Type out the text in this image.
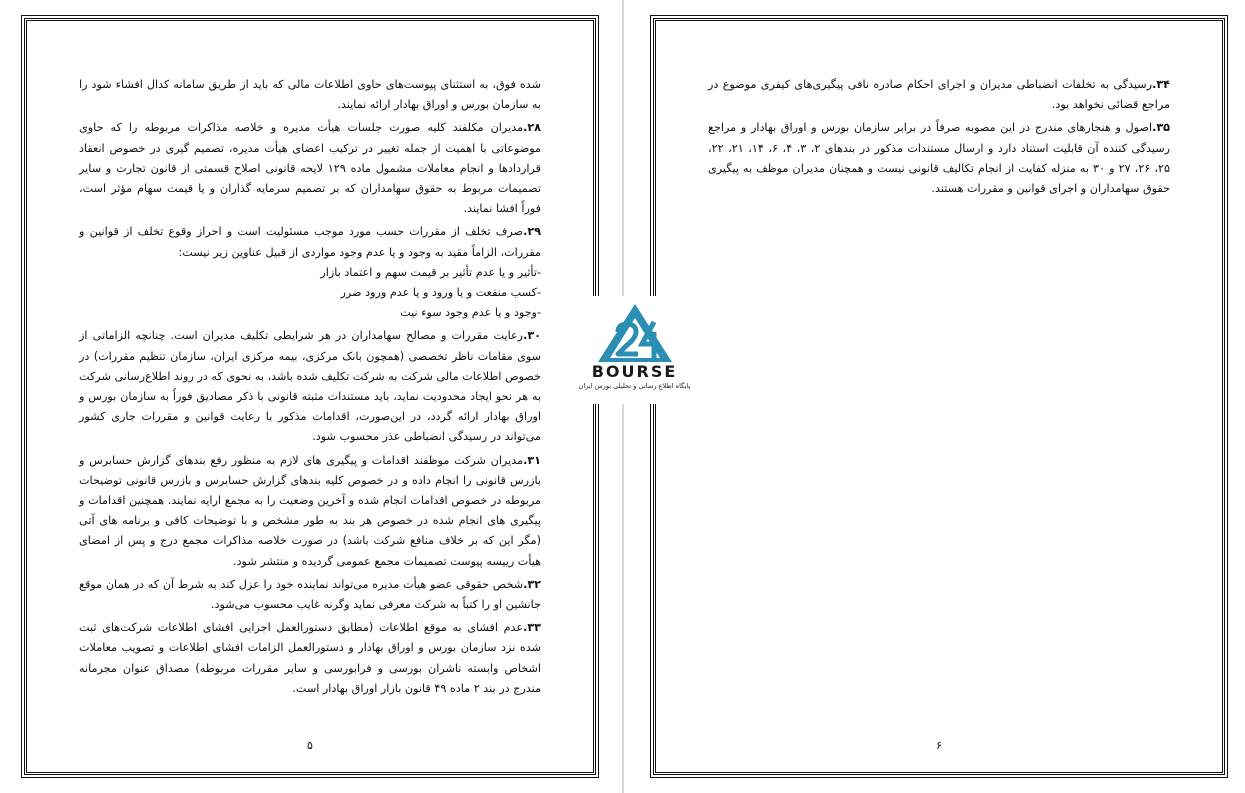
شده فوق، به استثنای پیوست‌های حاوی اطلاعات مالی که باید از طریق سامانه کدال افشاء شود را به سازمان بورس و اوراق بهادار ارائه نمایند.

۲۸.مدیران مکلفند کلیه صورت جلسات هیأت مدیره و خلاصه مذاکرات مربوطه را که حاوی موضوعاتی با اهمیت از جمله تغییر در ترکیب اعضای هیأت مدیره، تصمیم گیری در خصوص انعقاد قراردادها و انجام معاملات مشمول ماده ۱۲۹ لایحه قانونی اصلاح قسمتی از قانون تجارت و سایر تصمیمات مربوط به حقوق سهامداران که بر تصمیم سرمایه گذاران و یا قیمت سهام مؤثر است، فوراً افشا نمایند.
۲۹.صرف تخلف از مقررات حسب مورد موجب مسئولیت است و احراز وقوع تخلف از قوانین و مقررات، الزاماً مقید به وجود و یا عدم وجود مواردی از قبیل عناوین زیر نیست:
-تأثیر و یا عدم تأثیر بر قیمت سهم و اعتماد بازار
-کسب منفعت و یا ورود و یا عدم ورود ضرر
-وجود و یا عدم وجود سوء نیت
۳۰.رعایت مقررات و مصالح سهامداران در هر شرایطی تکلیف مدیران است. چنانچه الزاماتی از سوی مقامات ناظر تخصصی (همچون بانک مرکزی، بیمه مرکزی ایران، سازمان تنظیم مقررات) در خصوص اطلاعات مالی شرکت به شرکت تکلیف شده باشد، به نحوی که در روند اطلاع‌رسانی شرکت به هر نحو ایجاد محدودیت نماید، باید مستندات مثبته قانونی با ذکر مصادیق فوراً به سازمان بورس و اوراق بهادار ارائه گردد، در این‌صورت، اقدامات مذکور با رعایت قوانین و مقررات جاری کشور می‌تواند در رسیدگی انضباطی عذر محسوب شود.
۳۱.مدیران شرکت موظفند اقدامات و پیگیری های لازم به منظور رفع بندهای گزارش حسابرس و بازرس قانونی را انجام داده و در خصوص کلیه بندهای گزارش حسابرس و بازرس قانونی توضیحات مربوطه در خصوص اقدامات انجام شده و آخرین وضعیت را به مجمع ارایه نمایند. همچنین اقدامات و پیگیری های انجام شده در خصوص هر بند به طور مشخص و با توضیحات کافی و برنامه های آتی (مگر این که بر خلاف منافع شرکت باشد) در صورت خلاصه مذاکرات مجمع درج و پس از امضای هیأت رییسه پیوست تصمیمات مجمع عمومی گردیده و منتشر شود.
۳۲.شخص حقوقی عضو هیأت مدیره می‌تواند نماینده خود را عزل کند به شرط آن که در همان موقع جانشین او را کتباً به شرکت معرفی نماید وگرنه غایب محسوب می‌شود.
۳۳.عدم افشای به موقع اطلاعات (مطابق دستورالعمل اجرایی افشای اطلاعات شرکت‌های ثبت شده نزد سازمان بورس و اوراق بهادار و دستورالعمل الزامات افشای اطلاعات و تصویب معاملات اشخاص وابسته ناشران بورسی و فرابورسی و سایر مقررات مربوطه) مصداق عنوان مجرمانه مندرج در بند ۲ ماده ۴۹ قانون بازار اوراق بهادار است.
۵
۳۴.رسیدگی به تخلفات انضباطی مدیران و اجرای احکام صادره نافی پیگیری‌های کیفری موضوع در مراجع قضائی نخواهد بود.
۳۵.اصول و هنجارهای مندرج در این مصوبه صرفاً در برابر سازمان بورس و اوراق بهادار و مراجع رسیدگی کننده آن قابلیت استناد دارد و ارسال مستندات مذکور در بندهای ۲، ۳، ۴، ۶، ۱۴، ۲۱، ۲۲، ۲۵، ۲۶، ۲۷ و ۳۰ به منزله کفایت از انجام تکالیف قانونی نیست و همچنان مدیران موظف به پیگیری حقوق سهامداران و اجرای قوانین و مقررات هستند.
۶
BOURSE
پایگاه اطلاع رسانی و تحلیلی بورس ایران
